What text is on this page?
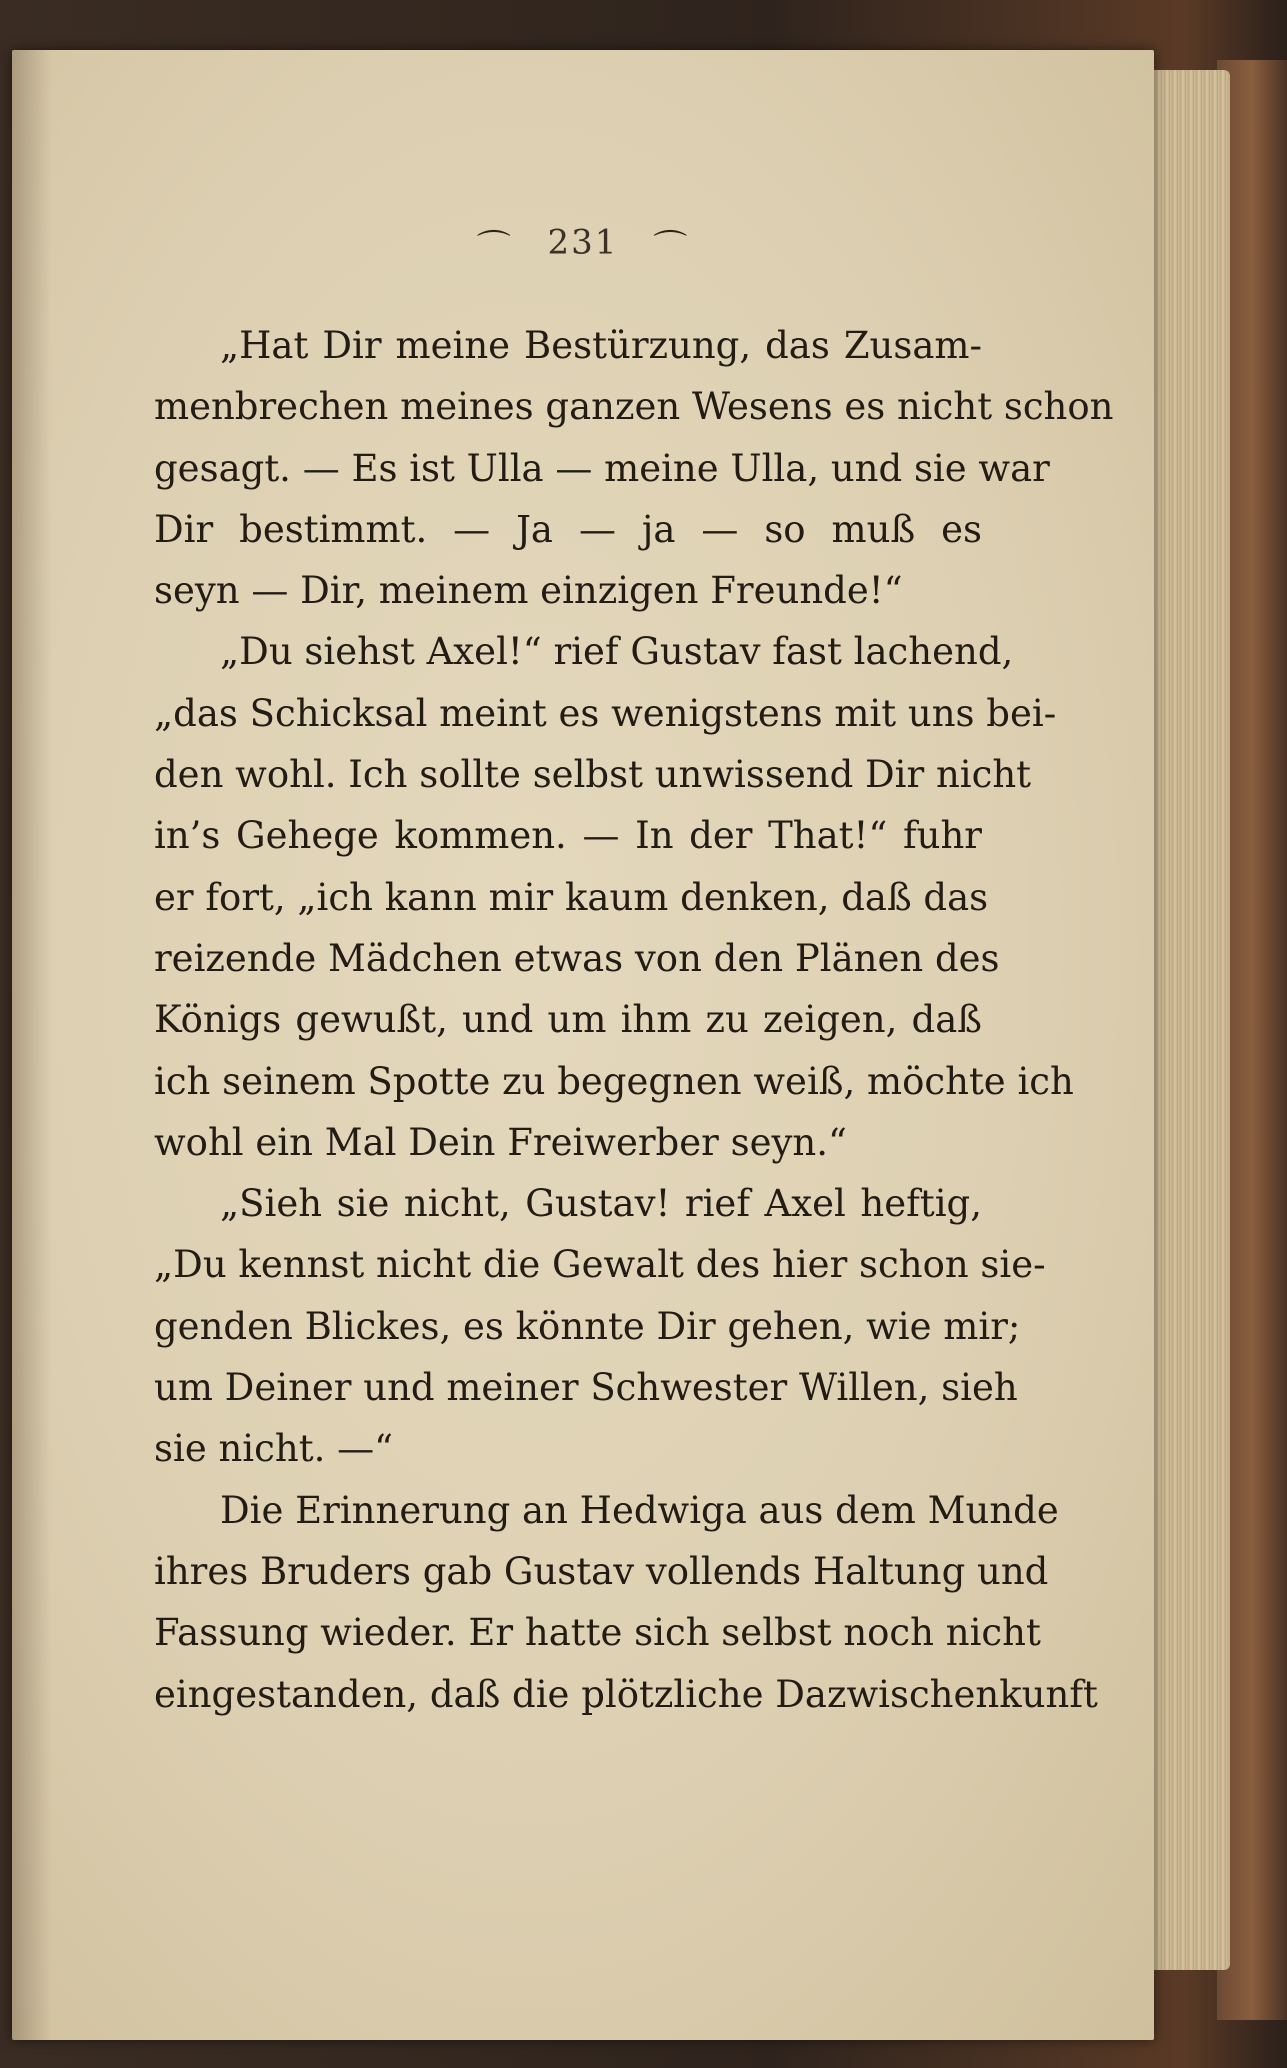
⌒ 231 ⌒
„Hat Dir meine Bestürzung, das Zusam-
menbrechen meines ganzen Wesens es nicht schon
gesagt. — Es ist Ulla — meine Ulla, und sie war
Dir bestimmt. — Ja — ja — so muß es
seyn — Dir, meinem einzigen Freunde!“
„Du siehst Axel!“ rief Gustav fast lachend,
„das Schicksal meint es wenigstens mit uns bei-
den wohl. Ich sollte selbst unwissend Dir nicht
in’s Gehege kommen. — In der That!“ fuhr
er fort, „ich kann mir kaum denken, daß das
reizende Mädchen etwas von den Plänen des
Königs gewußt, und um ihm zu zeigen, daß
ich seinem Spotte zu begegnen weiß, möchte ich
wohl ein Mal Dein Freiwerber seyn.“
„Sieh sie nicht, Gustav! rief Axel heftig,
„Du kennst nicht die Gewalt des hier schon sie-
genden Blickes, es könnte Dir gehen, wie mir;
um Deiner und meiner Schwester Willen, sieh
sie nicht. —“
Die Erinnerung an Hedwiga aus dem Munde
ihres Bruders gab Gustav vollends Haltung und
Fassung wieder. Er hatte sich selbst noch nicht
eingestanden, daß die plötzliche Dazwischenkunft
